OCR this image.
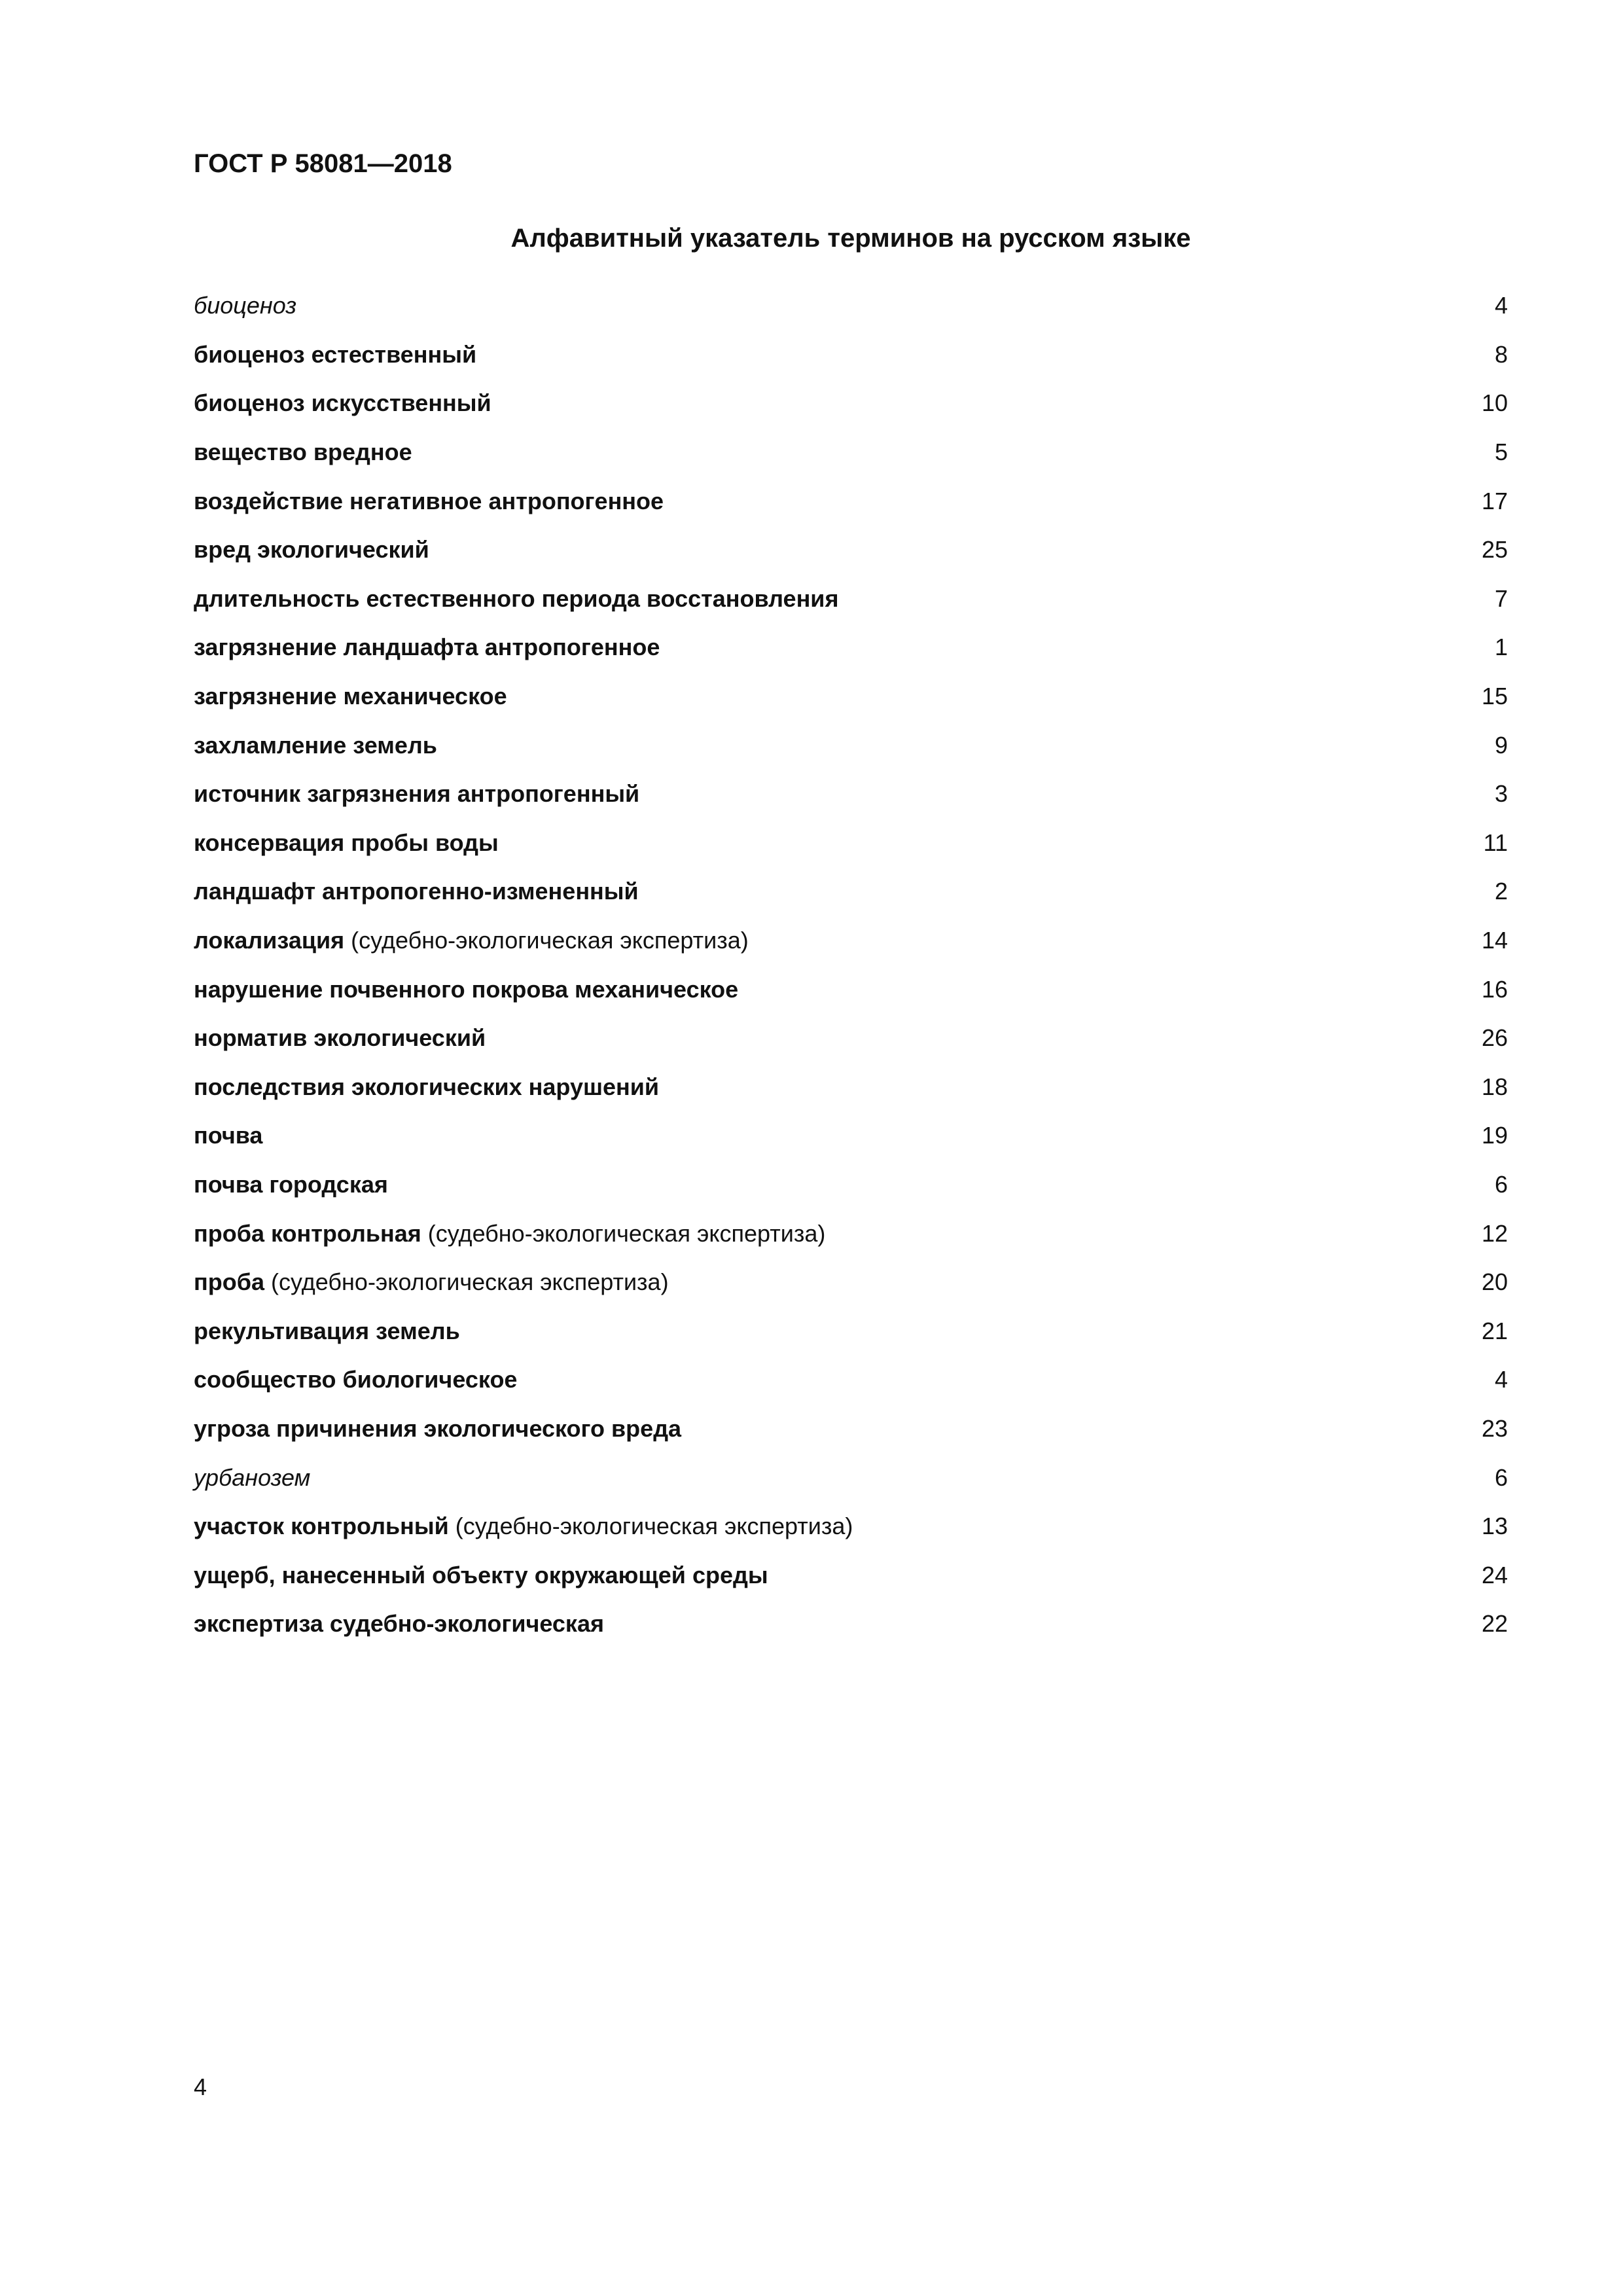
ГОСТ Р 58081—2018

Алфавитный указатель терминов на русском языке
биоценоз	4
биоценоз естественный	8
биоценоз искусственный	10
вещество вредное	5
воздействие негативное антропогенное	17
вред экологический	25
длительность естественного периода восстановления	7
загрязнение ландшафта антропогенное	1
загрязнение механическое	15
захламление земель	9
источник загрязнения антропогенный	3
консервация пробы воды	11
ландшафт антропогенно-измененный	2
локализация (судебно-экологическая экспертиза)	14
нарушение почвенного покрова механическое	16
норматив экологический	26
последствия экологических нарушений	18
почва	19
почва городская	6
проба контрольная (судебно-экологическая экспертиза)	12
проба (судебно-экологическая экспертиза)	20
рекультивация земель	21
сообщество биологическое	4
угроза причинения экологического вреда	23
урбанозем	6
участок контрольный (судебно-экологическая экспертиза)	13
ущерб, нанесенный объекту окружающей среды	24
экспертиза судебно-экологическая	22

4
